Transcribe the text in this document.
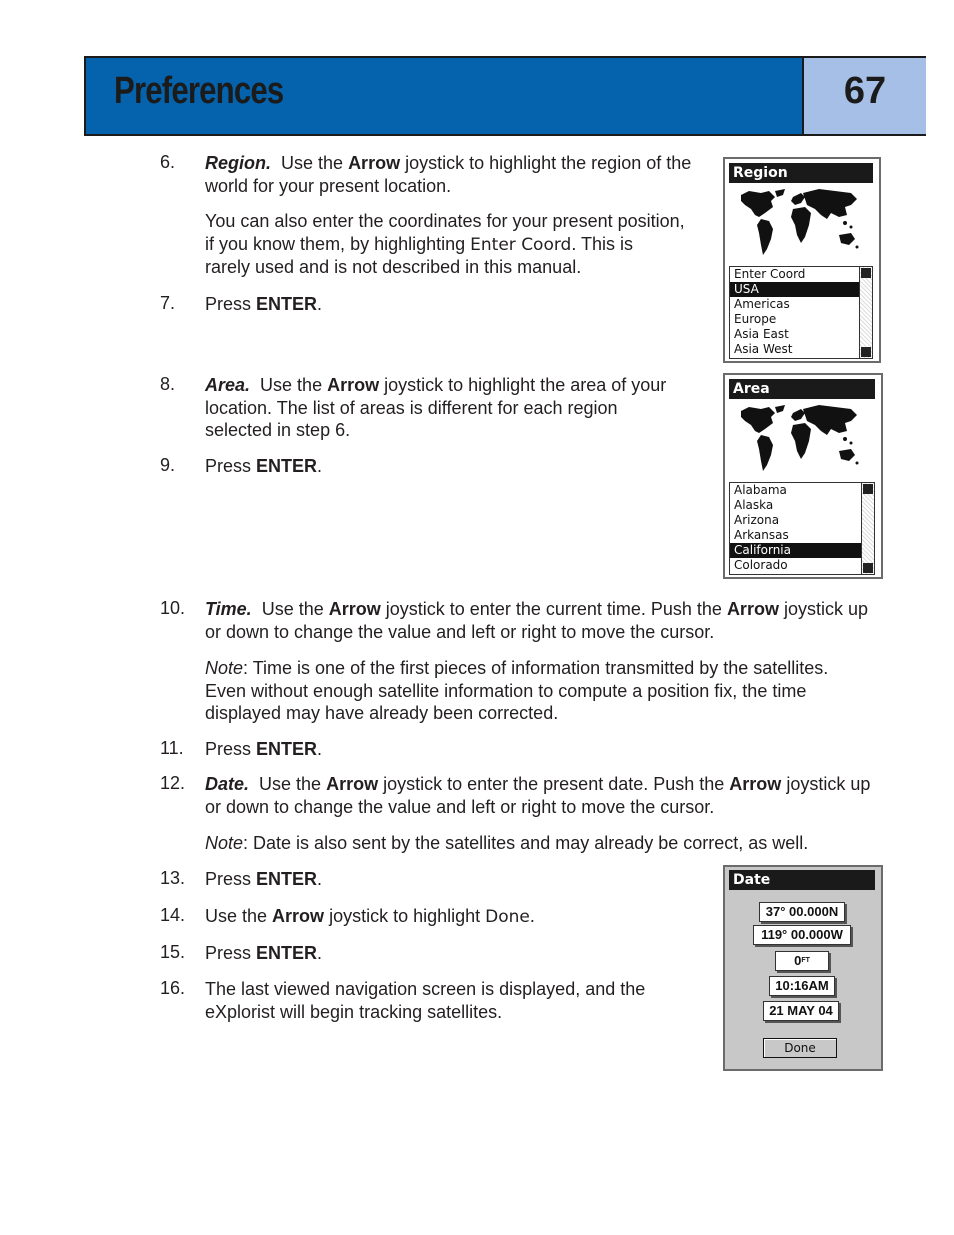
Preferences	67
6. Region. Use the Arrow joystick to highlight the region of the
world for your present location.
You can also enter the coordinates for your present position,
if you know them, by highlighting Enter Coord. This is
rarely used and is not described in this manual.
7. Press ENTER.
8. Area. Use the Arrow joystick to highlight the area of your
location. The list of areas is different for each region
selected in step 6.
9. Press ENTER.
10. Time. Use the Arrow joystick to enter the current time. Push the Arrow joystick up
or down to change the value and left or right to move the cursor.
Note: Time is one of the first pieces of information transmitted by the satellites.
Even without enough satellite information to compute a position fix, the time
displayed may have already been corrected.
11. Press ENTER.
12. Date. Use the Arrow joystick to enter the present date. Push the Arrow joystick up
or down to change the value and left or right to move the cursor.
Note: Date is also sent by the satellites and may already be correct, as well.
13. Press ENTER.
14. Use the Arrow joystick to highlight Done.
15. Press ENTER.
16. The last viewed navigation screen is displayed, and the
eXplorist will begin tracking satellites.
Region
Enter Coord
USA
Americas
Europe
Asia East
Asia West
Area
Alabama
Alaska
Arizona
Arkansas
California
Colorado
Date
37° 00.000N
119° 00.000W
$0^{FT}$
10:16AM
21 MAY 04
Done
